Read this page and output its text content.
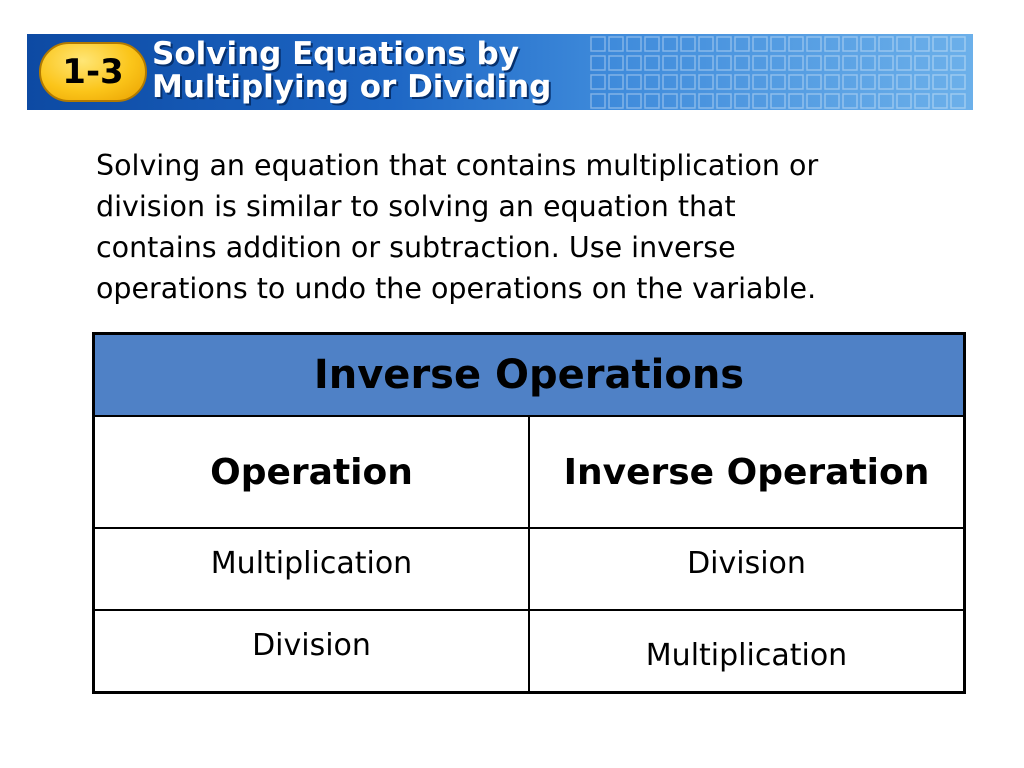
1-3 Solving Equations by
Multiplying or Dividing

Solving an equation that contains multiplication or
division is similar to solving an equation that
contains addition or subtraction. Use inverse
operations to undo the operations on the variable.

Inverse Operations	
Operation	Inverse Operation

Multiplication	Division

Division	Multiplication
